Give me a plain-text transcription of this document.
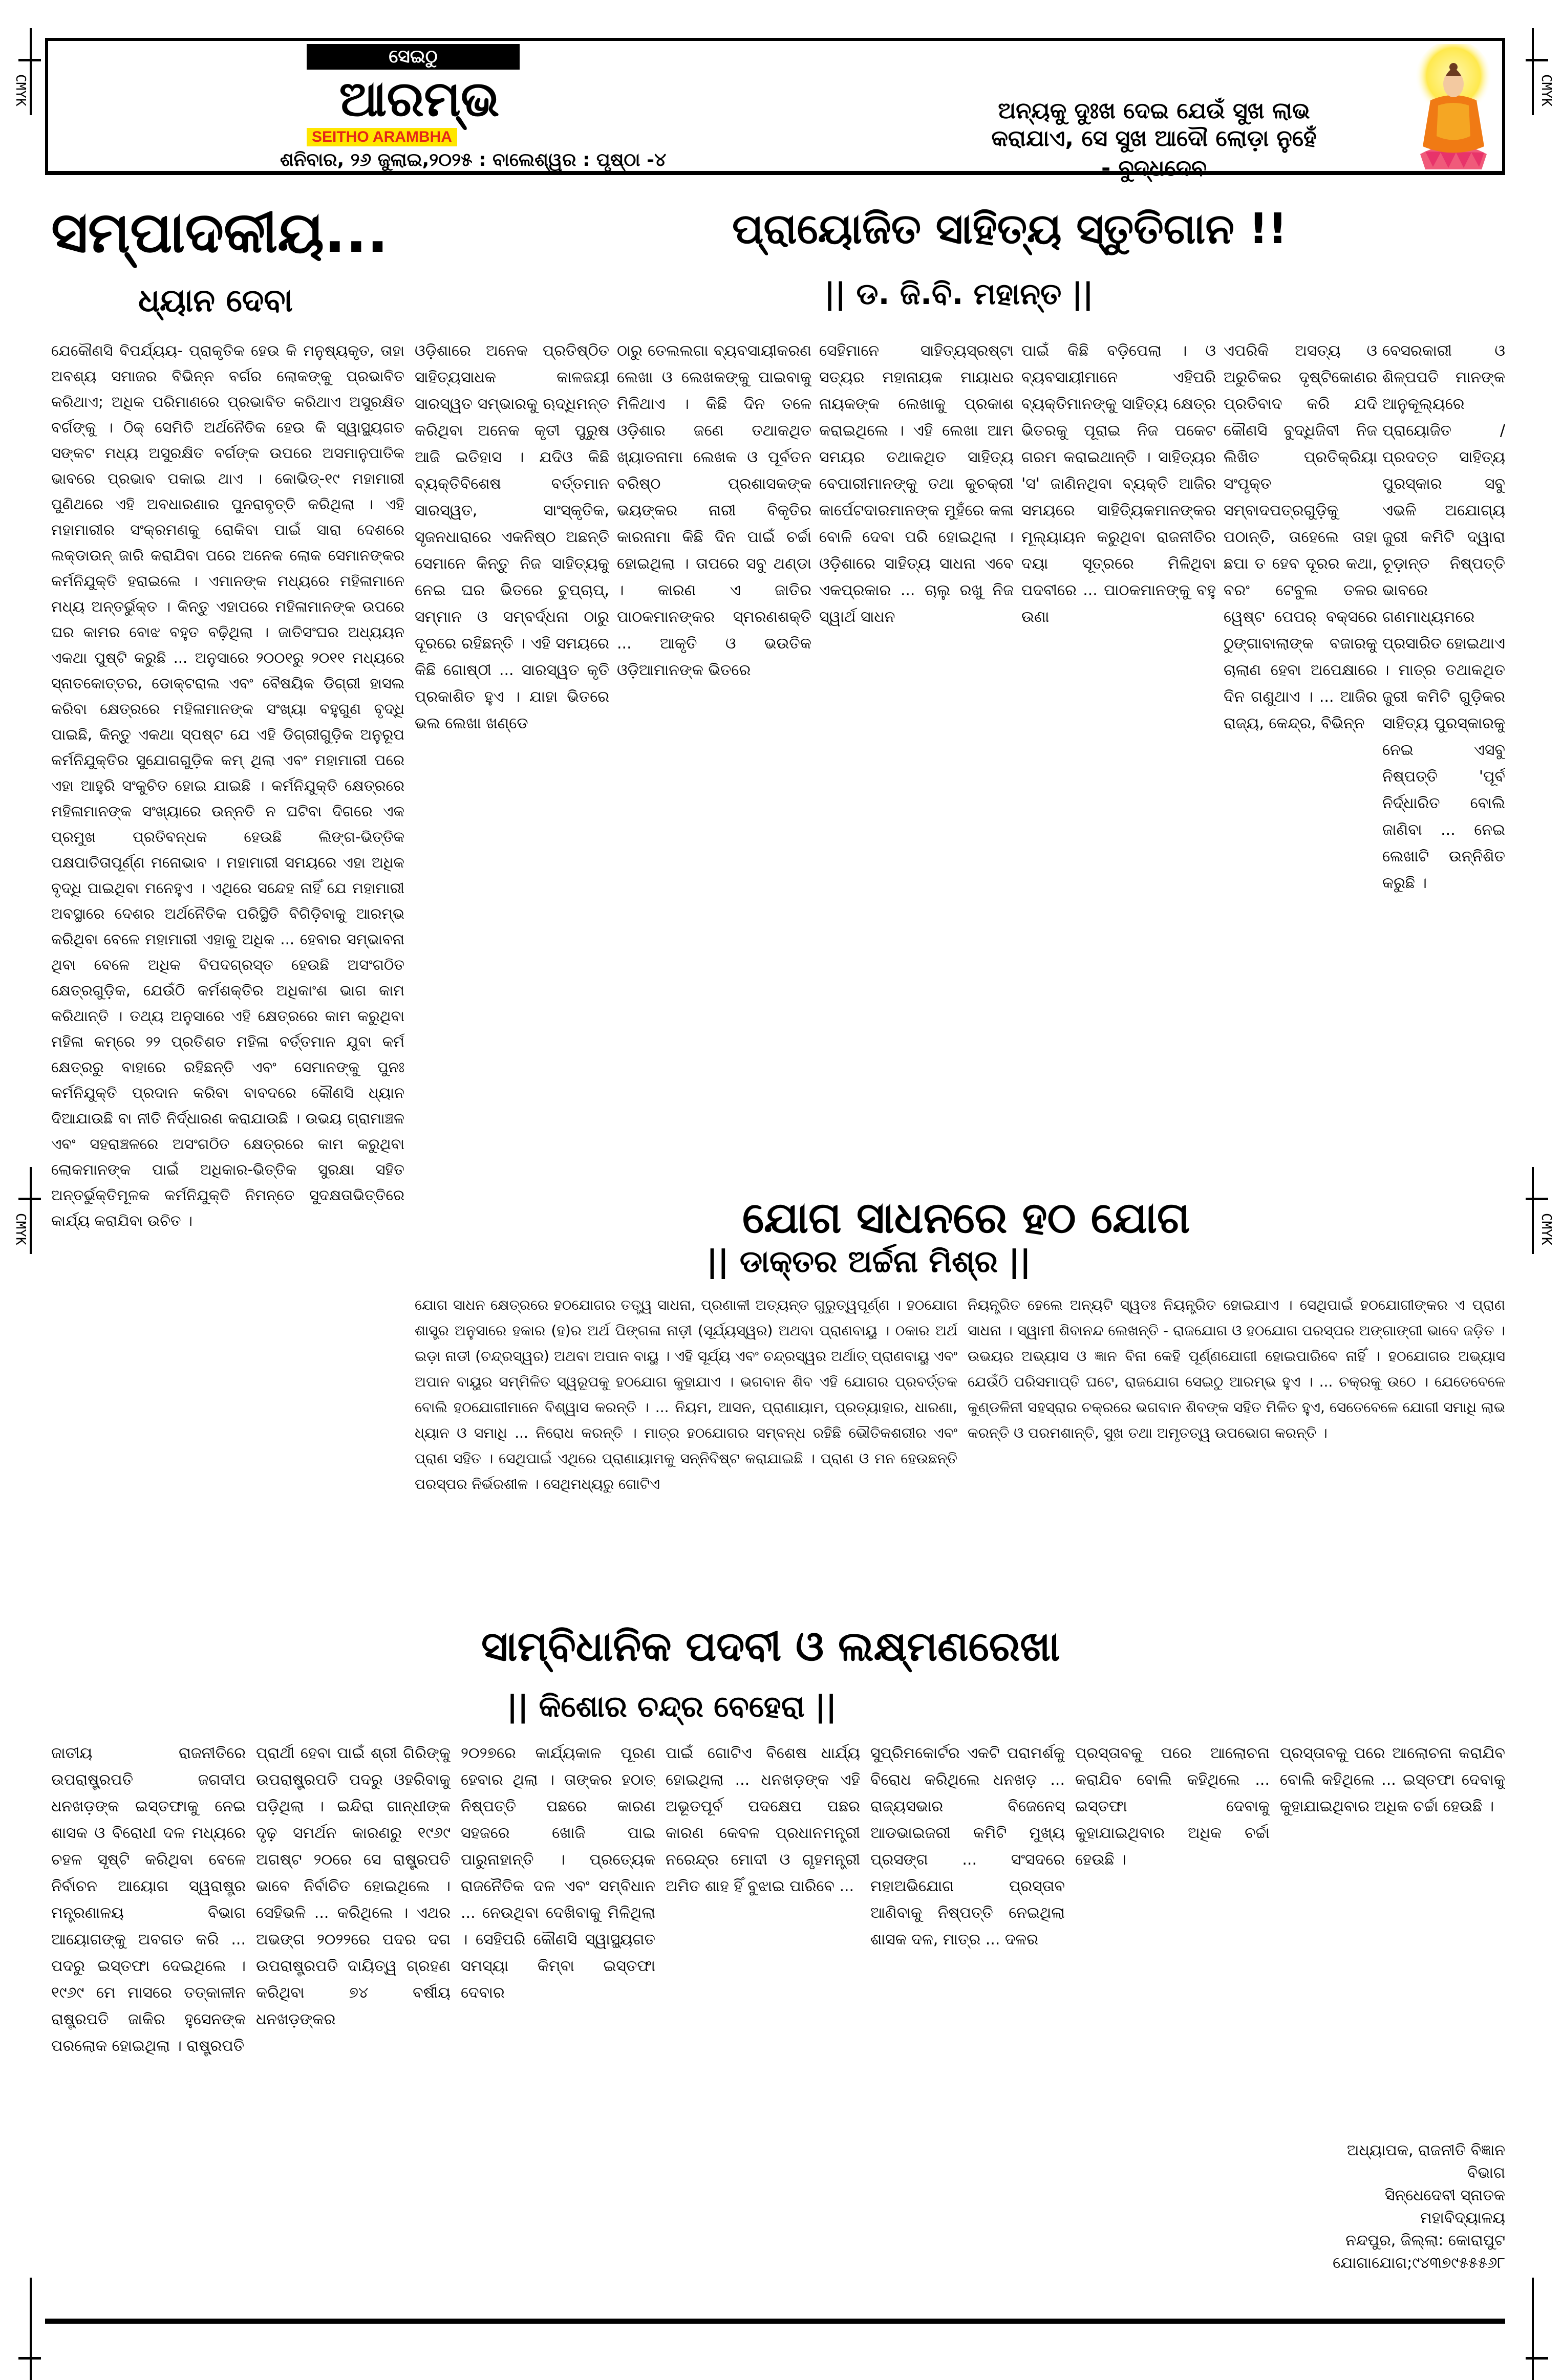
CMYK	CMYK
CMYK	CMYK
ସେଇଠୁ
ଆରମ୍ଭ
SEITHO ARAMBHA
ଶନିବାର, ୨୬ ଜୁଲାଇ,୨୦୨୫ : ବାଲେଶ୍ୱର : ପୃଷ୍ଠା -୪
ଅନ୍ୟକୁ ଦୁଃଖ ଦେଇ ଯେଉଁ ସୁଖ ଲାଭ
କରାଯାଏ, ସେ ସୁଖ ଆଦୌ ଲୋଡ଼ା ନୁହେଁ
- ବୁଦ୍ଧଦେବ
ସମ୍ପାଦକୀୟ...
ଧ୍ୟାନ ଦେବା

ଯେକୌଣସି ବିପର୍ଯ୍ୟୟ- ପ୍ରାକୃତିକ ହେଉ କି ମନୁଷ୍ୟକୃତ, ତାହା ଅବଶ୍ୟ ସମାଜର ବିଭିନ୍ନ ବର୍ଗର ଲୋକଙ୍କୁ ପ୍ରଭାବିତ କରିଥାଏ; ଅଧିକ ପରିମାଣରେ ପ୍ରଭାବିତ କରିଥାଏ ଅସୁରକ୍ଷିତ ବର୍ଗଙ୍କୁ । ଠିକ୍ ସେମିତି ଅର୍ଥନୈତିକ ହେଉ କି ସ୍ୱାସ୍ଥ୍ୟଗତ ସଙ୍କଟ ମଧ୍ୟ ଅସୁରକ୍ଷିତ ବର୍ଗଙ୍କ ଉପରେ ଅସମାନୁପାତିକ ଭାବରେ ପ୍ରଭାବ ପକାଇ ଥାଏ । କୋଭିଡ୍-୧୯ ମହାମାରୀ ପୁଣିଥରେ ଏହି ଅବଧାରଣାର ପୁନରାବୃତ୍ତି କରିଥିଲା । ଏହି ମହାମାରୀର ସଂକ୍ରମଣକୁ ରୋକିବା ପାଇଁ ସାରା ଦେଶରେ ଲକ୍‌ଡାଉନ୍ ଜାରି କରାଯିବା ପରେ ଅନେକ ଲୋକ ସେମାନଙ୍କର କର୍ମନିଯୁକ୍ତି ହରାଇଲେ । ଏମାନଙ୍କ ମଧ୍ୟରେ ମହିଳାମାନେ ମଧ୍ୟ ଅନ୍ତର୍ଭୁକ୍ତ । କିନ୍ତୁ ଏହାପରେ ମହିଳାମାନଙ୍କ ଉପରେ ଘର କାମର ବୋଝ ବହୁତ ବଢ଼ିଥିଲା । ଜାତିସଂଘର ଅଧ୍ୟୟନ ଏକଥା ପୁଷ୍ଟି କରୁଛି ... ଅନୁସାରେ ୨୦୦୧ରୁ ୨୦୧୧ ମଧ୍ୟରେ ସ୍ନାତକୋତ୍ତର, ଡୋକ୍ଟରାଲ ଏବଂ ବୈଷୟିକ ଡିଗ୍ରୀ ହାସଲ କରିବା କ୍ଷେତ୍ରରେ ମହିଳାମାନଙ୍କ ସଂଖ୍ୟା ବହୁଗୁଣ ବୃଦ୍ଧି ପାଇଛି, କିନ୍ତୁ ଏକଥା ସ୍ପଷ୍ଟ ଯେ ଏହି ଡିଗ୍ରୀଗୁଡ଼ିକ ଅନୁରୂପ କର୍ମନିଯୁକ୍ତିର ସୁଯୋଗଗୁଡ଼ିକ କମ୍ ଥିଲା ଏବଂ ମହାମାରୀ ପରେ ଏହା ଆହୁରି ସଂକୁଚିତ ହୋଇ ଯାଇଛି । କର୍ମନିଯୁକ୍ତି କ୍ଷେତ୍ରରେ ମହିଳାମାନଙ୍କ ସଂଖ୍ୟାରେ ଉନ୍ନତି ନ ଘଟିବା ଦିଗରେ ଏକ ପ୍ରମୁଖ ପ୍ରତିବନ୍ଧକ ହେଉଛି ଲିଙ୍ଗ-ଭିତ୍ତିକ ପକ୍ଷପାତିତାପୂର୍ଣ୍ଣ ମନୋଭାବ । ମହାମାରୀ ସମୟରେ ଏହା ଅଧିକ ବୃଦ୍ଧି ପାଇଥିବା ମନେହୁଏ । ଏଥିରେ ସନ୍ଦେହ ନାହିଁ ଯେ ମହାମାରୀ ଅବସ୍ଥାରେ ଦେଶର ଅର୍ଥନୈତିକ ପରିସ୍ଥିତି ବିଗିଡ଼ିବାକୁ ଆରମ୍ଭ କରିଥିବା ବେଳେ ମହାମାରୀ ଏହାକୁ ଅଧିକ ... ହେବାର ସମ୍ଭାବନା ଥିବା ବେଳେ ଅଧିକ ବିପଦଗ୍ରସ୍ତ ହେଉଛି ଅସଂଗଠିତ କ୍ଷେତ୍ରଗୁଡ଼ିକ, ଯେଉଁଠି କର୍ମଶକ୍ତିର ଅଧିକାଂଶ ଭାଗ କାମ କରିଥାନ୍ତି । ତଥ୍ୟ ଅନୁସାରେ ଏହି କ୍ଷେତ୍ରରେ କାମ କରୁଥିବା ମହିଳା କମ୍‌ରେ ୨୨ ପ୍ରତିଶତ ମହିଳା ବର୍ତ୍ତମାନ ଯୁବା କର୍ମ କ୍ଷେତ୍ରରୁ ବାହାରେ ରହିଛନ୍ତି ଏବଂ ସେମାନଙ୍କୁ ପୁନଃ କର୍ମନିଯୁକ୍ତି ପ୍ରଦାନ କରିବା ବାବଦରେ କୌଣସି ଧ୍ୟାନ ଦିଆଯାଉଛି ବା ନୀତି ନିର୍ଦ୍ଧାରଣ କରାଯାଉଛି । ଉଭୟ ଗ୍ରାମାଞ୍ଚଳ ଏବଂ ସହରାଞ୍ଚଳରେ ଅସଂଗଠିତ କ୍ଷେତ୍ରରେ କାମ କରୁଥିବା ଲୋକମାନଙ୍କ ପାଇଁ ଅଧିକାର-ଭିତ୍ତିକ ସୁରକ୍ଷା ସହିତ ଅନ୍ତର୍ଭୁକ୍ତିମୂଳକ କର୍ମନିଯୁକ୍ତି ନିମନ୍ତେ ସୁଦକ୍ଷତାଭିତ୍ତିରେ କାର୍ଯ୍ୟ କରାଯିବା ଉଚିତ ।

ପ୍ରାୟୋଜିତ ସାହିତ୍ୟ ସ୍ତୁତିଗାନ !!
|| ଡ. ଜି.ବି. ମହାନ୍ତ ||

ଓଡ଼ିଶାରେ ଅନେକ ପ୍ରତିଷ୍ଠିତ ସାହିତ୍ୟସାଧକ କାଳଜୟୀ ସାରସ୍ୱତ ସମ୍ଭାରକୁ ଋଦ୍ଧିମନ୍ତ କରିଥିବା ଅନେକ କୃତୀ ପୁରୁଷ ଆଜି ଇତିହାସ । ଯଦିଓ କିଛି ବ୍ୟକ୍ତିବିଶେଷ ବର୍ତ୍ତମାନ ସାରସ୍ୱତ, ସାଂସ୍କୃତିକ, ସୃଜନଧାରାରେ ଏକନିଷ୍ଠ ଅଛନ୍ତି ସେମାନେ କିନ୍ତୁ ନିଜ ସାହିତ୍ୟକୁ ନେଇ ଘର ଭିତରେ ଚୁପ୍‌ଚାପ୍, ସମ୍ମାନ ଓ ସମ୍ବର୍ଦ୍ଧନା ଠାରୁ ଦୂରରେ ରହିଛନ୍ତି । ଏହି ସମୟରେ କିଛି ଗୋଷ୍ଠୀ ... ସାରସ୍ୱତ କୃତି ପ୍ରକାଶିତ ହୁଏ । ଯାହା ଭିତରେ ଭଲ ଲେଖା ଖଣ୍ଡେ

ଠାରୁ ତେଲଲଗା ବ୍ୟବସାୟୀକରଣ ଲେଖା ଓ ଲେଖକଙ୍କୁ ପାଇବାକୁ ମିଳିଥାଏ । କିଛି ଦିନ ତଳେ ଓଡ଼ିଶାର ଜଣେ ତଥାକଥିତ ଖ୍ୟାତନାମା ଲେଖକ ଓ ପୂର୍ବତନ ବରିଷ୍ଠ ପ୍ରଶାସକଙ୍କ ଭୟଙ୍କର ନାରୀ ବିକୃତିର କାରନାମା କିଛି ଦିନ ପାଇଁ ଚର୍ଚ୍ଚା ହୋଇଥିଲା । ତାପରେ ସବୁ ଥଣ୍ଡା । କାରଣ ଏ ଜାତିର ପାଠକମାନଙ୍କର ସ୍ମରଣଶକ୍ତି ... ଆକୃତି ଓ ଭଉତିକ ଓଡ଼ିଆମାନଙ୍କ ଭିତରେ

ସେହିମାନେ ସାହିତ୍ୟସ୍ରଷ୍ଟା ସତ୍ୟର ମହାନାୟକ ମାୟାଧର ନାୟକଙ୍କ ଲେଖାକୁ ପ୍ରକାଶ କରାଇଥିଲେ । ଏହି ଲେଖା ଆମ ସମୟର ତଥାକଥିତ ସାହିତ୍ୟ ବେପାରୀମାନଙ୍କୁ ତଥା କୁଚକ୍ରୀ କାର୍ପେଟଦାରମାନଙ୍କ ମୁହଁରେ କଳା ବୋଳି ଦେବା ପରି ହୋଇଥିଲା । ଓଡ଼ିଶାରେ ସାହିତ୍ୟ ସାଧନା ଏବେ ଏକପ୍ରକାର ... ଚାଲୁ ରଖୁ ନିଜ ସ୍ୱାର୍ଥ ସାଧନ

ପାଇଁ କିଛି ବଡ଼ିପେଲା । ଓ ବ୍ୟବସାୟୀମାନେ ଏହିପରି ବ୍ୟକ୍ତିମାନଙ୍କୁ ସାହିତ୍ୟ କ୍ଷେତ୍ର ଭିତରକୁ ପୂରାଇ ନିଜ ପକେଟ ଗରମ କରାଇଥାନ୍ତି । ସାହିତ୍ୟର 'ସ' ଜାଣିନଥିବା ବ୍ୟକ୍ତି ଆଜିର ସମୟରେ ସାହିତ୍ୟିକମାନଙ୍କର ମୂଲ୍ୟାୟନ କରୁଥିବା ରାଜନୀତିର ଦୟା ସୂତ୍ରରେ ମିଳିଥିବା ପଦବୀରେ ... ପାଠକମାନଙ୍କୁ ବହୁ ଉଣା

ଏପରିକି ଅସତ୍ୟ ଓ ଅରୁଚିକର ଦୃଷ୍ଟିକୋଣର ପ୍ରତିବାଦ କରି ଯଦି କୌଣସି ବୁଦ୍ଧିଜିବୀ ନିଜ ଲିଖିତ ପ୍ରତିକ୍ରିୟା ସଂପୃକ୍ତ ସମ୍ବାଦପତ୍ରଗୁଡ଼ିକୁ ପଠାନ୍ତି, ତାହେଲେ ତାହା ଛପା ତ ହେବ ଦୂରର କଥା, ବରଂ ଟେବୁଲ ତଳର ୱେଷ୍ଟ ପେପର୍ ବକ୍ସରେ ଠୁଙ୍ଗାବାଲାଙ୍କ ବଜାରକୁ ଚାଲାଣ ହେବା ଅପେକ୍ଷାରେ ଦିନ ଗଣୁଥାଏ । ... ଆଜିର ରାଜ୍ୟ, କେନ୍ଦ୍ର, ବିଭିନ୍ନ

ବେସରକାରୀ ଓ ଶିଳ୍ପପତି ମାନଙ୍କ ଆନୁକୂଲ୍ୟରେ ପ୍ରାୟୋଜିତ / ପ୍ରଦତ୍ତ ସାହିତ୍ୟ ପୁରସ୍କାର ସବୁ ଏଭଳି ଅଯୋଗ୍ୟ ଜୁରୀ କମିଟି ଦ୍ୱାରା ଚୂଡ଼ାନ୍ତ ନିଷ୍ପତ୍ତି ଭାବରେ ଗଣମାଧ୍ୟମରେ ପ୍ରସାରିତ ହୋଇଥାଏ । ମାତ୍ର ତଥାକଥିତ ଜୁରୀ କମିଟି ଗୁଡ଼ିକର ସାହିତ୍ୟ ପୁରସ୍କାରକୁ ନେଇ ଏସବୁ ନିଷ୍ପତ୍ତି 'ପୂର୍ବ ନିର୍ଦ୍ଧାରିତ ବୋଲି ଜାଣିବା ... ନେଇ ଲେଖାଟି ଉନ୍ନିଶିତ କରୁଛି ।

ଯୋଗ ସାଧନରେ ହଠ ଯୋଗ
|| ଡାକ୍ତର ଅର୍ଚ୍ଚନା ମିଶ୍ର ||

ଯୋଗ ସାଧନ କ୍ଷେତ୍ରରେ ହଠଯୋଗର ତତ୍ତ୍ୱ ସାଧନା, ପ୍ରଣାଳୀ ଅତ୍ୟନ୍ତ ଗୁରୁତ୍ୱପୂର୍ଣ୍ଣ । ହଠଯୋଗ ଶାସ୍ତ୍ର ଅନୁସାରେ ହକାର (ହ)ର ଅର୍ଥ ପିଙ୍ଗଳା ନାଡ଼ୀ (ସୂର୍ଯ୍ୟସ୍ୱର) ଅଥବା ପ୍ରାଣବାୟୁ । ଠକାର ଅର୍ଥ ଇଡ଼ା ନାଡୀ (ଚନ୍ଦ୍ରସ୍ୱର) ଅଥବା ଅପାନ ବାୟୁ । ଏହି ସୂର୍ଯ୍ୟ ଏବଂ ଚନ୍ଦ୍ରସ୍ୱର ଅର୍ଥାତ୍ ପ୍ରାଣବାୟୁ ଏବଂ ଅପାନ ବାୟୁର ସମ୍ମିଳିତ ସ୍ୱରୂପକୁ ହଠଯୋଗ କୁହାଯାଏ । ଭଗବାନ ଶିବ ଏହି ଯୋଗର ପ୍ରବର୍ତ୍ତକ ବୋଲି ହଠଯୋଗୀମାନେ ବିଶ୍ୱାସ କରନ୍ତି । ... ନିୟମ, ଆସନ, ପ୍ରାଣାୟାମ, ପ୍ରତ୍ୟାହାର, ଧାରଣା, ଧ୍ୟାନ ଓ ସମାଧି ... ନିରୋଧ କରନ୍ତି । ମାତ୍ର ହଠଯୋଗର ସମ୍ବନ୍ଧ ରହିଛି ଭୌତିକଶରୀର ଏବଂ ପ୍ରାଣ ସହିତ । ସେଥିପାଇଁ ଏଥିରେ ପ୍ରାଣାୟାମକୁ ସନ୍ନିବିଷ୍ଟ କରାଯାଇଛି । ପ୍ରାଣ ଓ ମନ ହେଉଛନ୍ତି ପରସ୍ପର ନିର୍ଭରଶୀଳ । ସେଥିମଧ୍ୟରୁ ଗୋଟିଏ

ନିୟନ୍ତ୍ରିତ ହେଲେ ଅନ୍ୟଟି ସ୍ୱତଃ ନିୟନ୍ତ୍ରିତ ହୋଇଯାଏ । ସେଥିପାଇଁ ହଠଯୋଗୀଙ୍କର ଏ ପ୍ରାଣ ସାଧନା । ସ୍ୱାମୀ ଶିବାନନ୍ଦ ଲେଖନ୍ତି - ରାଜଯୋଗ ଓ ହଠଯୋଗ ପରସ୍ପର ଅଙ୍ଗାଙ୍ଗୀ ଭାବେ ଜଡ଼ିତ । ଉଭୟର ଅଭ୍ୟାସ ଓ ଜ୍ଞାନ ବିନା କେହି ପୂର୍ଣ୍ଣଯୋଗୀ ହୋଇପାରିବେ ନାହିଁ । ହଠଯୋଗର ଅଭ୍ୟାସ ଯେଉଁଠି ପରିସମାପ୍ତି ଘଟେ, ରାଜଯୋଗ ସେଇଠୁ ଆରମ୍ଭ ହୁଏ । ... ଚକ୍ରକୁ ଉଠେ । ଯେତେବେଳେ କୁଣ୍ଡଳିନୀ ସହସ୍ରାର ଚକ୍ରରେ ଭଗବାନ ଶିବଙ୍କ ସହିତ ମିଳିତ ହୁଏ, ସେତେବେଳେ ଯୋଗୀ ସମାଧି ଲାଭ କରନ୍ତି ଓ ପରମଶାନ୍ତି, ସୁଖ ତଥା ଅମୃତତ୍ୱ ଉପଭୋଗ କରନ୍ତି ।

ସାମ୍ବିଧାନିକ ପଦବୀ ଓ ଲକ୍ଷ୍ମଣରେଖା
|| କିଶୋର ଚନ୍ଦ୍ର ବେହେରା ||

ଜାତୀୟ ରାଜନୀତିରେ ଉପରାଷ୍ଟ୍ରପତି ଜଗଦୀପ ଧନଖଡ଼ଙ୍କ ଇସ୍ତଫାକୁ ନେଇ ଶାସକ ଓ ବିରୋଧୀ ଦଳ ମଧ୍ୟରେ ଚହଳ ସୃଷ୍ଟି କରିଥିବା ବେଳେ ନିର୍ବାଚନ ଆୟୋଗ ସ୍ୱରାଷ୍ଟ୍ର ମନ୍ତ୍ରଣାଳୟ ବିଭାଗ ଆୟୋଗଙ୍କୁ ଅବଗତ କରି ... ପଦରୁ ଇସ୍ତଫା ଦେଇଥିଲେ । ୧୯୬୯ ମେ ମାସରେ ତତ୍କାଳୀନ ରାଷ୍ଟ୍ରପତି ଜାକିର ହୁସେନଙ୍କ ପରଲୋକ ହୋଇଥିଲା । ରାଷ୍ଟ୍ରପତି

ପ୍ରାର୍ଥୀ ହେବା ପାଇଁ ଶ୍ରୀ ଗିରିଙ୍କୁ ଉପରାଷ୍ଟ୍ରପତି ପଦରୁ ଓହରିବାକୁ ପଡ଼ିଥିଲା । ଇନ୍ଦିରା ଗାନ୍ଧୀଙ୍କ ଦୃଢ଼ ସମର୍ଥନ କାରଣରୁ ୧୯୬୯ ଅଗଷ୍ଟ ୨୦ରେ ସେ ରାଷ୍ଟ୍ରପତି ଭାବେ ନିର୍ବାଚିତ ହୋଇଥିଲେ । ସେହିଭଳି ... କରିଥିଲେ । ଏଥର ଅଭଙ୍ଗ ୨୦୨୨ରେ ପଦର ଦଗ ଉପରାଷ୍ଟ୍ରପତି ଦାୟିତ୍ୱ ଗ୍ରହଣ କରିଥିବା ୭୪ ବର୍ଷୀୟ ଧନଖଡ଼ଙ୍କର

୨୦୨୭ରେ କାର୍ଯ୍ୟକାଳ ପୂରଣ ହେବାର ଥିଲା । ତାଙ୍କର ହଠାତ୍ ନିଷ୍ପତ୍ତି ପଛରେ କାରଣ ସହଜରେ ଖୋଜି ପାଇ ପାରୁନାହାନ୍ତି । ପ୍ରତ୍ୟେକ ରାଜନୈତିକ ଦଳ ଏବଂ ସମ୍ବିଧାନ ... ନେଉଥିବା ଦେଖିବାକୁ ମିଳିଥିଲା । ସେହିପରି କୌଣସି ସ୍ୱାସ୍ଥ୍ୟଗତ ସମସ୍ୟା କିମ୍ବା ଇସ୍ତଫା ଦେବାର

ପାଇଁ ଗୋଟିଏ ବିଶେଷ ଧାର୍ଯ୍ୟ ହୋଇଥିଲା ... ଧନଖଡ଼ଙ୍କ ଏହି ଅଭୂତପୂର୍ବ ପଦକ୍ଷେପ ପଛର କାରଣ କେବଳ ପ୍ରଧାନମନ୍ତ୍ରୀ ନରେନ୍ଦ୍ର ମୋଦୀ ଓ ଗୃହମନ୍ତ୍ରୀ ଅମିତ ଶାହ ହିଁ ବୁଝାଇ ପାରିବେ ...

ସୁପ୍ରିମକୋର୍ଟର ଏକଟି ପରାମର୍ଶକୁ ବିରୋଧ କରିଥିଲେ ଧନଖଡ଼ ... ରାଜ୍ୟସଭାର ବିଜେନେସ୍ ଆଡଭାଇଜରୀ କମିଟି ମୁଖ୍ୟ ପ୍ରସଙ୍ଗ ... ସଂସଦରେ ମହାଅଭିଯୋଗ ପ୍ରସ୍ତାବ ଆଣିବାକୁ ନିଷ୍ପତ୍ତି ନେଇଥିଲା ଶାସକ ଦଳ, ମାତ୍ର ... ଦଳର

ପ୍ରସ୍ତାବକୁ ପରେ ଆଲୋଚନା କରାଯିବ ବୋଲି କହିଥିଲେ ... ଇସ୍ତଫା ଦେବାକୁ କୁହାଯାଇଥିବାର ଅଧିକ ଚର୍ଚ୍ଚା ହେଉଛି ।

ପ୍ରସ୍ତାବକୁ ପରେ ଆଲୋଚନା କରାଯିବ ବୋଲି କହିଥିଲେ ... ଇସ୍ତଫା ଦେବାକୁ କୁହାଯାଇଥିବାର ଅଧିକ ଚର୍ଚ୍ଚା ହେଉଛି ।

ଅଧ୍ୟାପକ, ରାଜନୀତି ବିଜ୍ଞାନ
ବିଭାଗ
ସିନ୍ଧେଦେବୀ ସ୍ନାତକ
ମହାବିଦ୍ୟାଳୟ
ନନ୍ଦପୁର, ଜିଲ୍ଲା: କୋରାପୁଟ
ଯୋଗାଯୋଗ;୯୪୩୭୯୫୫୫୬୮
